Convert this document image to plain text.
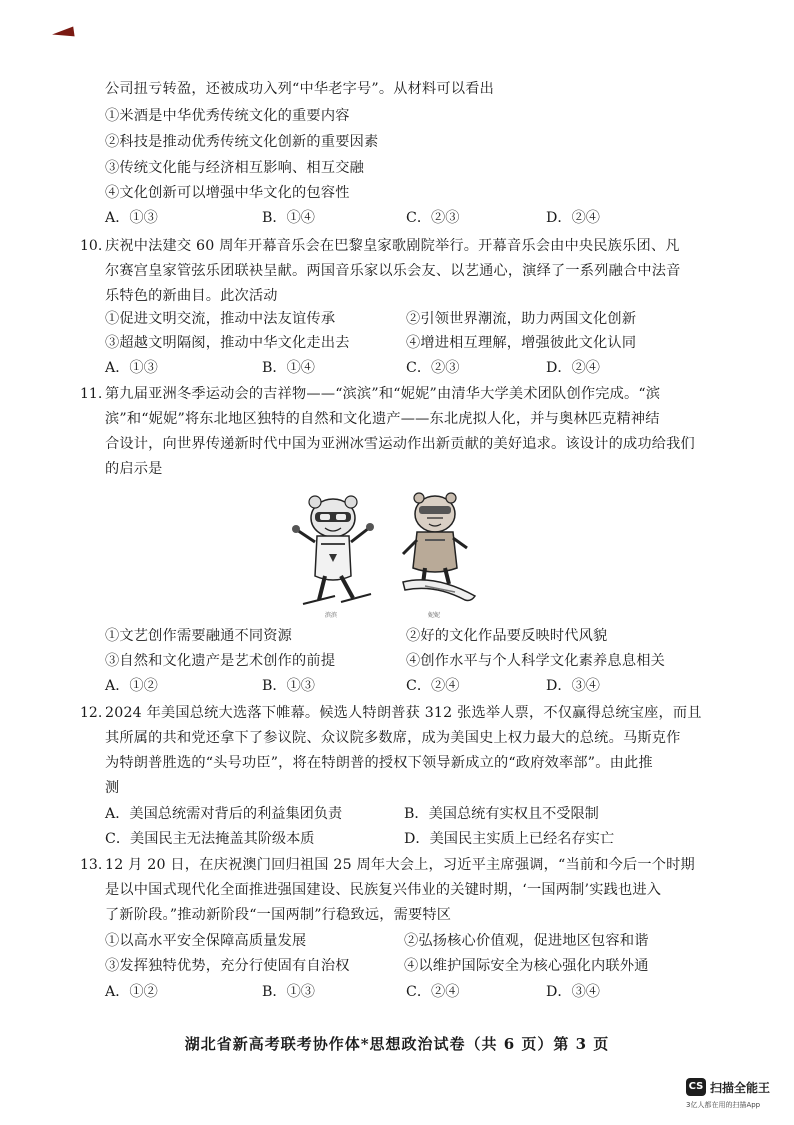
公司扭亏转盈，还被成功入列“中华老字号”。从材料可以看出
①米酒是中华优秀传统文化的重要内容
②科技是推动优秀传统文化创新的重要因素
③传统文化能与经济相互影响、相互交融
④文化创新可以增强中华文化的包容性
A．①③	B．①④	C．②③	D．②④
10. 庆祝中法建交 60 周年开幕音乐会在巴黎皇家歌剧院举行。开幕音乐会由中央民族乐团、凡
尔赛宫皇家管弦乐团联袂呈献。两国音乐家以乐会友、以艺通心，演绎了一系列融合中法音
乐特色的新曲目。此次活动
①促进文明交流，推动中法友谊传承	②引领世界潮流，助力两国文化创新
③超越文明隔阂，推动中华文化走出去	④增进相互理解，增强彼此文化认同
A．①③	B．①④	C．②③	D．②④
11. 第九届亚洲冬季运动会的吉祥物——“滨滨”和“妮妮”由清华大学美术团队创作完成。“滨
滨”和“妮妮”将东北地区独特的自然和文化遗产——东北虎拟人化，并与奥林匹克精神结
合设计，向世界传递新时代中国为亚洲冰雪运动作出新贡献的美好追求。该设计的成功给我们
的启示是
滨滨	妮妮
①文艺创作需要融通不同资源	②好的文化作品要反映时代风貌
③自然和文化遗产是艺术创作的前提	④创作水平与个人科学文化素养息息相关
A．①②	B．①③	C．②④	D．③④
12. 2024 年美国总统大选落下帷幕。候选人特朗普获 312 张选举人票，不仅赢得总统宝座，而且
其所属的共和党还拿下了参议院、众议院多数席，成为美国史上权力最大的总统。马斯克作
为特朗普胜选的“头号功臣”，将在特朗普的授权下领导新成立的“政府效率部”。由此推
测
A．美国总统需对背后的利益集团负责	B．美国总统有实权且不受限制
C．美国民主无法掩盖其阶级本质	D．美国民主实质上已经名存实亡
13. 12 月 20 日，在庆祝澳门回归祖国 25 周年大会上，习近平主席强调，“当前和今后一个时期
是以中国式现代化全面推进强国建设、民族复兴伟业的关键时期，‘一国两制’实践也进入
了新阶段。”推动新阶段“一国两制”行稳致远，需要特区
①以高水平安全保障高质量发展	②弘扬核心价值观，促进地区包容和谐
③发挥独特优势，充分行使固有自治权	④以维护国际安全为核心强化内联外通
A．①②	B．①③	C．②④	D．③④
湖北省新高考联考协作体*思想政治试卷（共 6 页）第 3 页
CS 扫描全能王
3亿人都在用的扫描App
